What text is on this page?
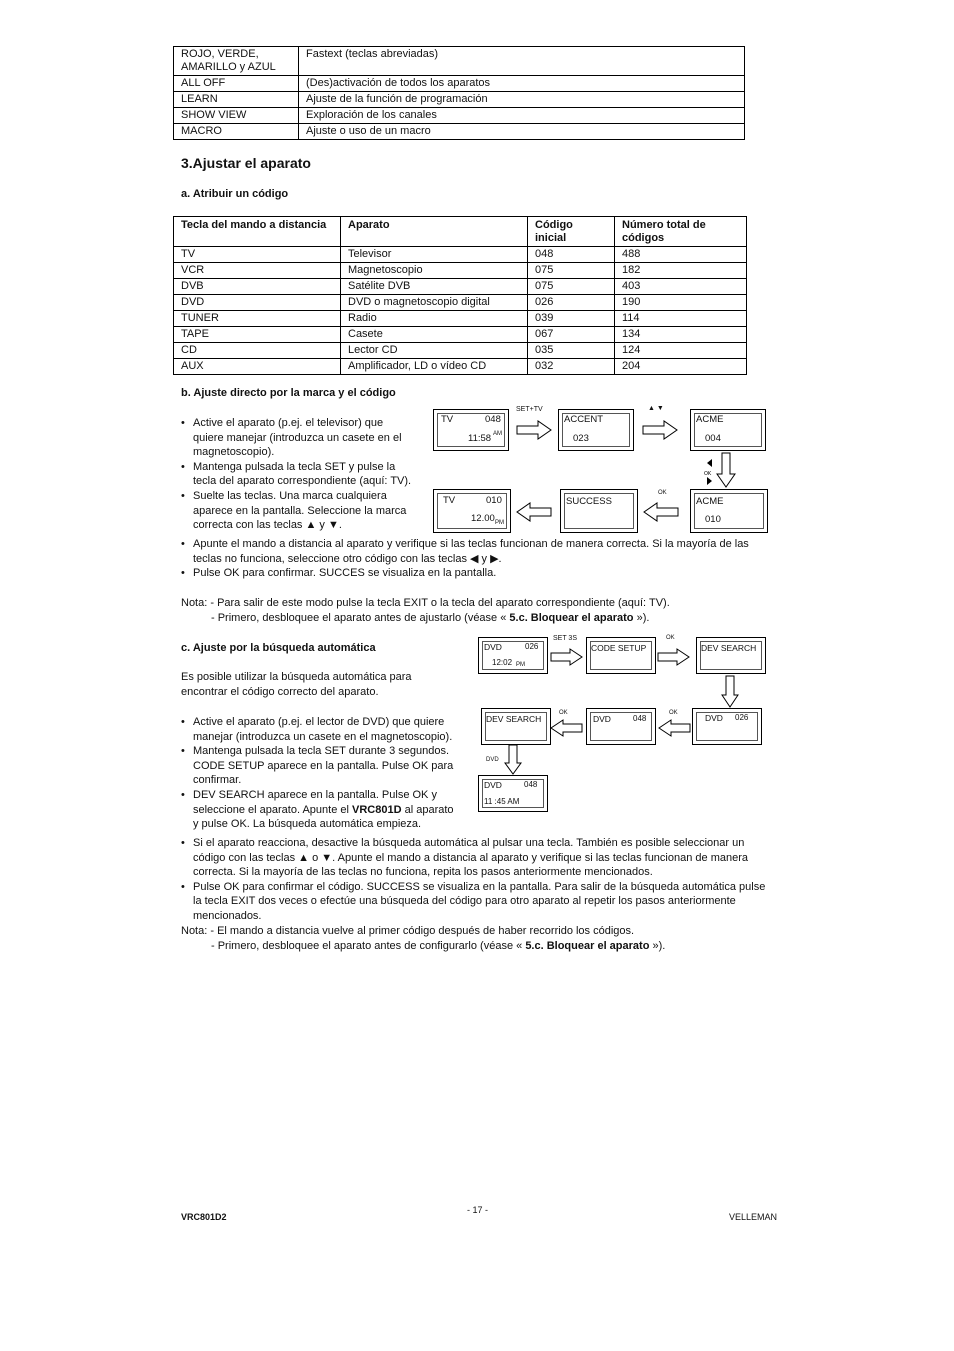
ROJO, VERDE,
AMARILLO y AZUL	Fastext (teclas abreviadas)
ALL OFF	(Des)activación de todos los aparatos
LEARN	Ajuste de la función de programación
SHOW VIEW	Exploración de los canales
MACRO	Ajuste o uso de un macro
3.Ajustar el aparato

a. Atribuir un código

Tecla del mando a distancia	Aparato	Código inicial	Número total de códigos
TV	Televisor	048	488
VCR	Magnetoscopio	075	182
DVB	Satélite DVB	075	403
DVD	DVD o magnetoscopio digital	026	190
TUNER	Radio	039	114
TAPE	Casete	067	134
CD	Lector CD	035	124
AUX	Amplificador, LD o vídeo CD	032	204

b. Ajuste directo por la marca y el código

• Active el aparato (p.ej. el televisor) que quiere manejar (introduzca un casete en el magnetoscopio).
• Mantenga pulsada la tecla SET y pulse la tecla del aparato correspondiente (aquí: TV).
• Suelte las teclas. Una marca cualquiera aparece en la pantalla. Seleccione la marca correcta con las teclas ▲ y ▼.
• Apunte el mando a distancia al aparato y verifique si las teclas funcionan de manera correcta. Si la mayoría de las teclas no funciona, seleccione otro código con las teclas ◀ y ▶.
• Pulse OK para confirmar. SUCCES se visualiza en la pantalla.

Nota: - Para salir de este modo pulse la tecla EXIT o la tecla del aparato correspondiente (aquí: TV).

- Primero, desbloquee el aparato antes de ajustarlo (véase « 5.c. Bloquear el aparato »).

TV	048
11:58 AM
SET+TV
ACCENT
023
▲ ▼
ACME
004
OK
TV	010
12.00 PM
SUCCESS
OK
ACME
010

c. Ajuste por la búsqueda automática

Es posible utilizar la búsqueda automática para encontrar el código correcto del aparato.

• Active el aparato (p.ej. el lector de DVD) que quiere manejar (introduzca un casete en el magnetoscopio).
• Mantenga pulsada la tecla SET durante 3 segundos. CODE SETUP aparece en la pantalla. Pulse OK para confirmar.
• DEV SEARCH aparece en la pantalla. Pulse OK y seleccione el aparato. Apunte el VRC801D al aparato y pulse OK. La búsqueda automática empieza.
• Si el aparato reacciona, desactive la búsqueda automática al pulsar una tecla. También es posible seleccionar un código con las teclas ▲ o ▼. Apunte el mando a distancia al aparato y verifique si las teclas funcionan de manera correcta. Si la mayoría de las teclas no funciona, repita los pasos anteriormente mencionados.
• Pulse OK para confirmar el código. SUCCESS se visualiza en la pantalla. Para salir de la búsqueda automática pulse la tecla EXIT dos veces o efectúe una búsqueda del código para otro aparato al repetir los pasos anteriormente mencionados.

Nota: - El mando a distancia vuelve al primer código después de haber recorrido los códigos.

- Primero, desbloquee el aparato antes de configurarlo (véase « 5.c. Bloquear el aparato »).

DVD	026
12:02 PM
SET 3S
CODE SETUP
OK
DEV SEARCH
DEV SEARCH
OK
DVD	048
OK	DVD 026
DVD
DVD	048
11 :45 AM
VRC801D2
- 17 -
VELLEMAN
